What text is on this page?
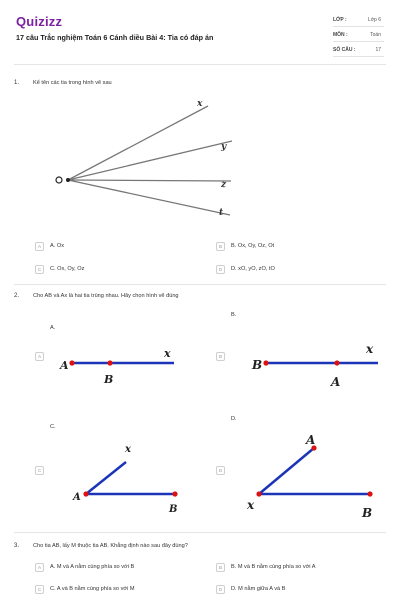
Quizizz
17 câu Trắc nghiệm Toán 6 Cánh diều Bài 4: Tia có đáp án
LỚP :	Lớp 6
MÔN :	Toán
SỐ CÂU :	17
1. Kể tên các tia trong hình vẽ sau
x
y
z
t
A	A. Ox	B	B. Ox, Oy, Oz, Ot
C	C. Ox, Oy, Oz	D	D. xO, yO, zO, tO
2. Cho AB và Ax là hai tia trùng nhau. Hãy chọn hình vẽ đúng
A.
B.
C.
D.
A	B
C	D
A
B
x
B
A
x
A
B
x
x
B
A
3. Cho tia AB, lấy M thuộc tia AB. Khẳng định nào sau đây đúng?
A	A. M và A nằm cùng phía so với B	B	B. M và B nằm cùng phía so với A
C	C. A và B nằm cùng phía so với M	D	D. M nằm giữa A và B
